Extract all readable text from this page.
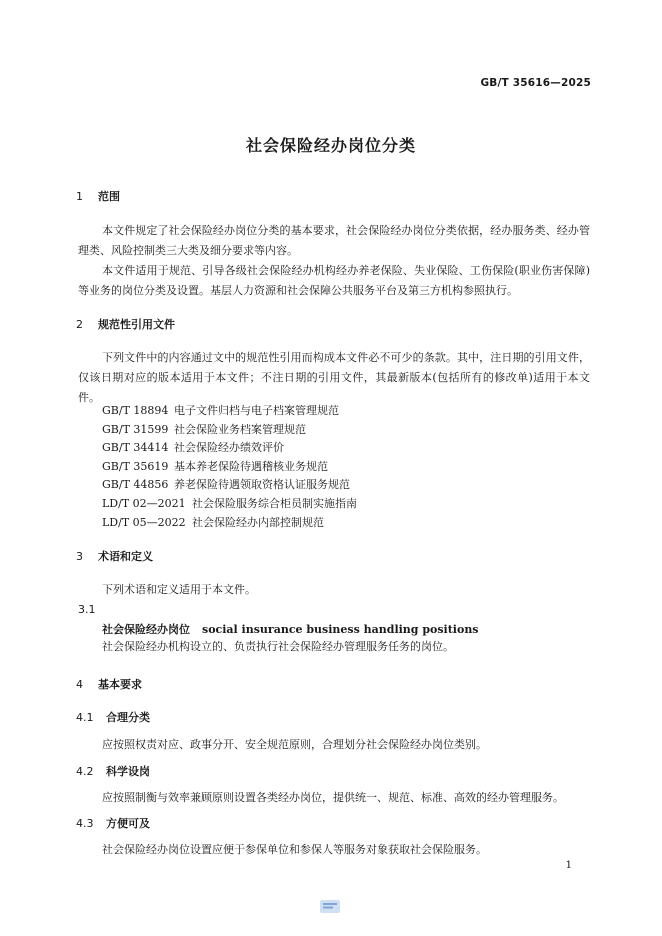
GB/T 35616—2025
社会保险经办岗位分类
1 范围
本文件规定了社会保险经办岗位分类的基本要求，社会保险经办岗位分类依据，经办服务类、经办管理类、风险控制类三大类及细分要求等内容。
本文件适用于规范、引导各级社会保险经办机构经办养老保险、失业保险、工伤保险(职业伤害保障)等业务的岗位分类及设置。基层人力资源和社会保障公共服务平台及第三方机构参照执行。
2 规范性引用文件
下列文件中的内容通过文中的规范性引用而构成本文件必不可少的条款。其中，注日期的引用文件，仅该日期对应的版本适用于本文件；不注日期的引用文件，其最新版本(包括所有的修改单)适用于本文件。
GB/T 18894 电子文件归档与电子档案管理规范
GB/T 31599 社会保险业务档案管理规范
GB/T 34414 社会保险经办绩效评价
GB/T 35619 基本养老保险待遇稽核业务规范
GB/T 44856 养老保险待遇领取资格认证服务规范
LD/T 02—2021 社会保险服务综合柜员制实施指南
LD/T 05—2022 社会保险经办内部控制规范
3 术语和定义
下列术语和定义适用于本文件。
3.1
社会保险经办岗位 social insurance business handling positions
社会保险经办机构设立的、负责执行社会保险经办管理服务任务的岗位。
4 基本要求
4.1 合理分类
应按照权责对应、政事分开、安全规范原则，合理划分社会保险经办岗位类别。
4.2 科学设岗
应按照制衡与效率兼顾原则设置各类经办岗位，提供统一、规范、标准、高效的经办管理服务。
4.3 方便可及
社会保险经办岗位设置应便于参保单位和参保人等服务对象获取社会保险服务。
1
